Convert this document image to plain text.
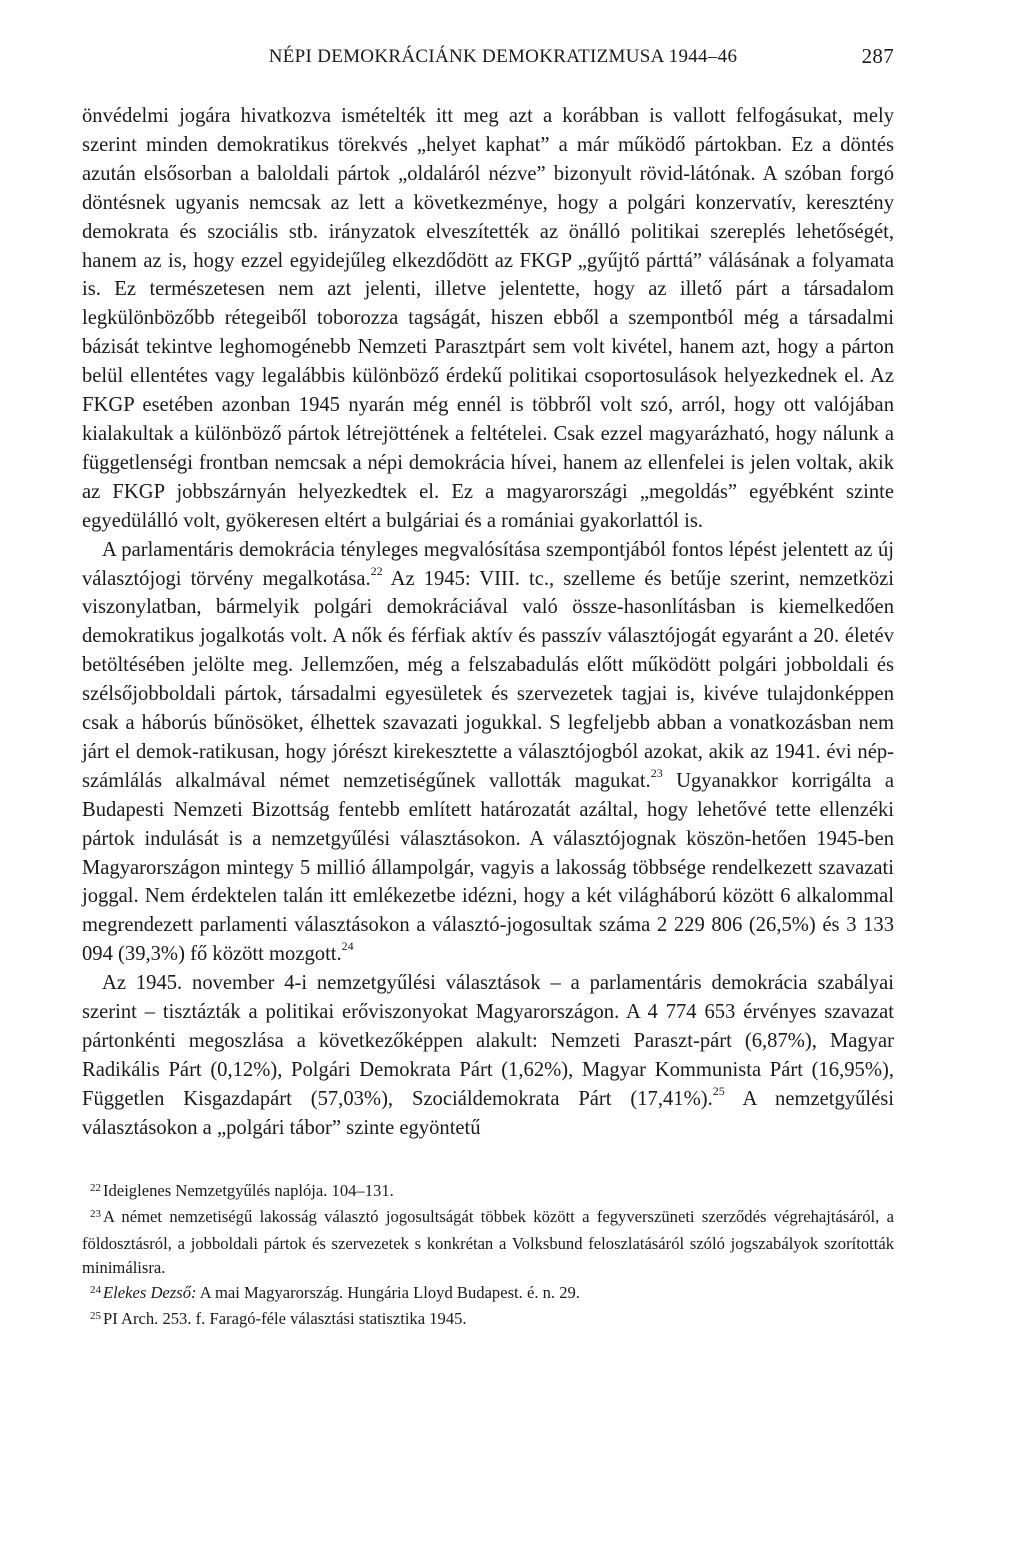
NÉPI DEMOKRÁCIÁNK DEMOKRATIZMUSA 1944–46	287

önvédelmi jogára hivatkozva ismételték itt meg azt a korábban is vallott felfogásukat, mely szerint minden demokratikus törekvés „helyet kaphat” a már működő pártokban. Ez a döntés azután elsősorban a baloldali pártok „oldaláról nézve” bizonyult rövid-látónak. A szóban forgó döntésnek ugyanis nemcsak az lett a következménye, hogy a polgári konzervatív, keresztény demokrata és szociális stb. irányzatok elveszítették az önálló politikai szereplés lehetőségét, hanem az is, hogy ezzel egyidejűleg elkezdődött az FKGP „gyűjtő párttá” válásának a folyamata is. Ez természetesen nem azt jelenti, illetve jelentette, hogy az illető párt a társadalom legkülönbözőbb rétegeiből toborozza tagságát, hiszen ebből a szempontból még a társadalmi bázisát tekintve leghomogénebb Nemzeti Parasztpárt sem volt kivétel, hanem azt, hogy a párton belül ellentétes vagy legalábbis különböző érdekű politikai csoportosulások helyezkednek el. Az FKGP esetében azonban 1945 nyarán még ennél is többről volt szó, arról, hogy ott valójában kialakultak a különböző pártok létrejöttének a feltételei. Csak ezzel magyarázható, hogy nálunk a függetlenségi frontban nemcsak a népi demokrácia hívei, hanem az ellenfelei is jelen voltak, akik az FKGP jobbszárnyán helyezkedtek el. Ez a magyarországi „megoldás” egyébként szinte egyedülálló volt, gyökeresen eltért a bulgáriai és a romániai gyakorlattól is.

A parlamentáris demokrácia tényleges megvalósítása szempontjából fontos lépést jelentett az új választójogi törvény megalkotása.$^{22}$ Az 1945: VIII. tc., szelleme és betűje szerint, nemzetközi viszonylatban, bármelyik polgári demokráciával való össze-hasonlításban is kiemelkedően demokratikus jogalkotás volt. A nők és férfiak aktív és passzív választójogát egyaránt a 20. életév betöltésében jelölte meg. Jellemzően, még a felszabadulás előtt működött polgári jobboldali és szélsőjobboldali pártok, társadalmi egyesületek és szervezetek tagjai is, kivéve tulajdonképpen csak a háborús bűnösöket, élhettek szavazati jogukkal. S legfeljebb abban a vonatkozásban nem járt el demok-ratikusan, hogy jórészt kirekesztette a választójogból azokat, akik az 1941. évi nép-számlálás alkalmával német nemzetiségűnek vallották magukat.$^{23}$ Ugyanakkor korrigálta a Budapesti Nemzeti Bizottság fentebb említett határozatát azáltal, hogy lehetővé tette ellenzéki pártok indulását is a nemzetgyűlési választásokon. A választójognak köszön-hetően 1945-ben Magyarországon mintegy 5 millió állampolgár, vagyis a lakosság többsége rendelkezett szavazati joggal. Nem érdektelen talán itt emlékezetbe idézni, hogy a két világháború között 6 alkalommal megrendezett parlamenti választásokon a választó-jogosultak száma 2 229 806 (26,5%) és 3 133 094 (39,3%) fő között mozgott.$^{24}$

Az 1945. november 4-i nemzetgyűlési választások – a parlamentáris demokrácia szabályai szerint – tisztázták a politikai erőviszonyokat Magyarországon. A 4 774 653 érvényes szavazat pártonkénti megoszlása a következőképpen alakult: Nemzeti Paraszt-párt (6,87%), Magyar Radikális Párt (0,12%), Polgári Demokrata Párt (1,62%), Magyar Kommunista Párt (16,95%), Független Kisgazdapárt (57,03%), Szociáldemokrata Párt (17,41%).$^{25}$ A nemzetgyűlési választásokon a „polgári tábor” szinte egyöntetű

$^{22}$ Ideiglenes Nemzetgyűlés naplója. 104–131.

$^{23}$ A német nemzetiségű lakosság választó jogosultságát többek között a fegyverszüneti szerződés végrehajtásáról, a földosztásról, a jobboldali pártok és szervezetek s konkrétan a Volksbund feloszlatásáról szóló jogszabályok szorították minimálisra.

$^{24}$ Elekes Dezső: A mai Magyarország. Hungária Lloyd Budapest. é. n. 29.

$^{25}$ PI Arch. 253. f. Faragó-féle választási statisztika 1945.
